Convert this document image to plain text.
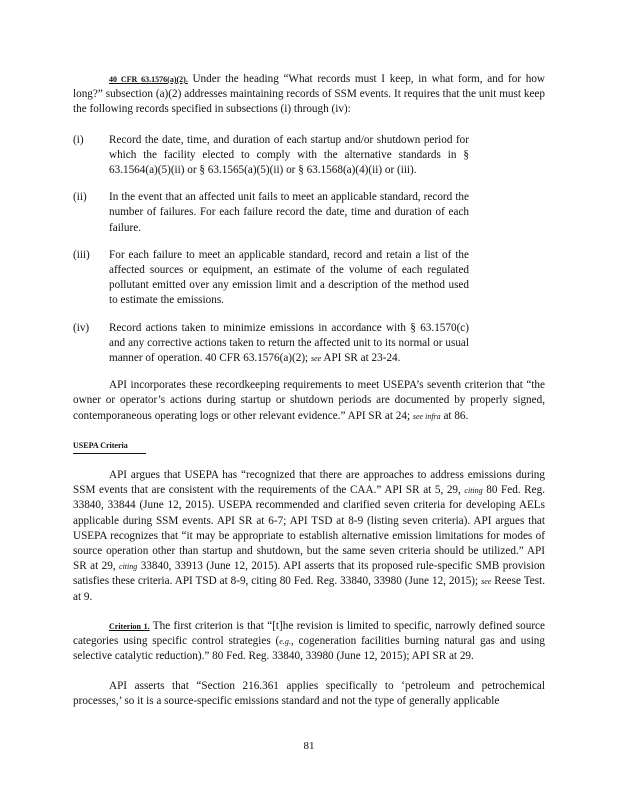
40 CFR 63.1576(a)(2). Under the heading “What records must I keep, in what form, and for how long?” subsection (a)(2) addresses maintaining records of SSM events. It requires that the unit must keep the following records specified in subsections (i) through (iv):

(i)	Record the date, time, and duration of each startup and/or shutdown period for which the facility elected to comply with the alternative standards in § 63.1564(a)(5)(ii) or § 63.1565(a)(5)(ii) or § 63.1568(a)(4)(ii) or (iii).
(ii)	In the event that an affected unit fails to meet an applicable standard, record the number of failures. For each failure record the date, time and duration of each failure.
(iii)	For each failure to meet an applicable standard, record and retain a list of the affected sources or equipment, an estimate of the volume of each regulated pollutant emitted over any emission limit and a description of the method used to estimate the emissions.
(iv)	Record actions taken to minimize emissions in accordance with § 63.1570(c) and any corrective actions taken to return the affected unit to its normal or usual manner of operation. 40 CFR 63.1576(a)(2); see API SR at 23-24.

API incorporates these recordkeeping requirements to meet USEPA’s seventh criterion that “the owner or operator’s actions during startup or shutdown periods are documented by properly signed, contemporaneous operating logs or other relevant evidence.” API SR at 24; see infra at 86.

USEPA Criteria

API argues that USEPA has “recognized that there are approaches to address emissions during SSM events that are consistent with the requirements of the CAA.” API SR at 5, 29, citing 80 Fed. Reg. 33840, 33844 (June 12, 2015). USEPA recommended and clarified seven criteria for developing AELs applicable during SSM events. API SR at 6-7; API TSD at 8-9 (listing seven criteria). API argues that USEPA recognizes that “it may be appropriate to establish alternative emission limitations for modes of source operation other than startup and shutdown, but the same seven criteria should be utilized.” API SR at 29, citing 33840, 33913 (June 12, 2015). API asserts that its proposed rule-specific SMB provision satisfies these criteria. API TSD at 8-9, citing 80 Fed. Reg. 33840, 33980 (June 12, 2015); see Reese Test. at 9.

Criterion 1. The first criterion is that “[t]he revision is limited to specific, narrowly defined source categories using specific control strategies (e.g., cogeneration facilities burning natural gas and using selective catalytic reduction).” 80 Fed. Reg. 33840, 33980 (June 12, 2015); API SR at 29.

API asserts that “Section 216.361 applies specifically to ‘petroleum and petrochemical processes,’ so it is a source-specific emissions standard and not the type of generally applicable

81
